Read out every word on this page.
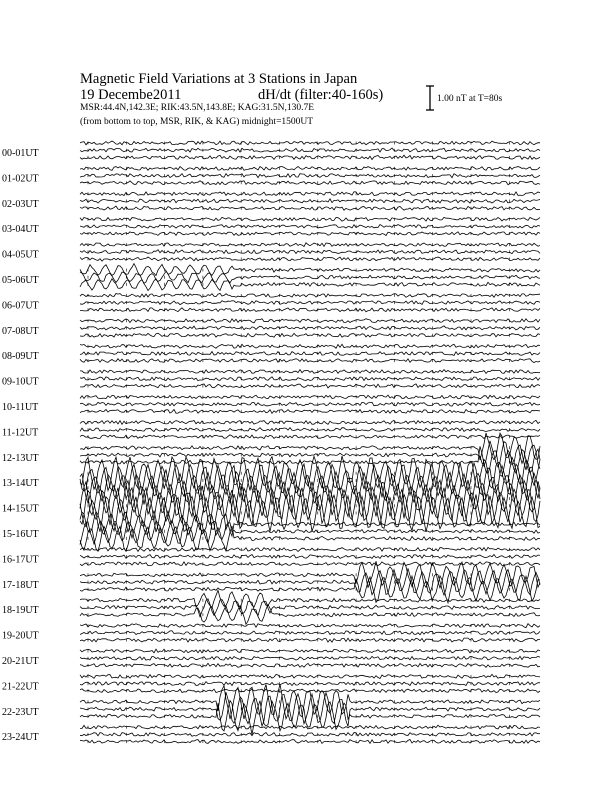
Magnetic Field Variations at 3 Stations in Japan
19 Decembe2011	dH/dt (filter:40-160s)
MSR:44.4N,142.3E; RIK:43.5N,143.8E; KAG:31.5N,130.7E
(from bottom to top, MSR, RIK, & KAG) midnight=1500UT
1.00 nT at T=80s
00-01UT
01-02UT
02-03UT
03-04UT
04-05UT
05-06UT
06-07UT
07-08UT
08-09UT
09-10UT
10-11UT
11-12UT
12-13UT
13-14UT
14-15UT
15-16UT
16-17UT
17-18UT
18-19UT
19-20UT
20-21UT
21-22UT
22-23UT
23-24UT
